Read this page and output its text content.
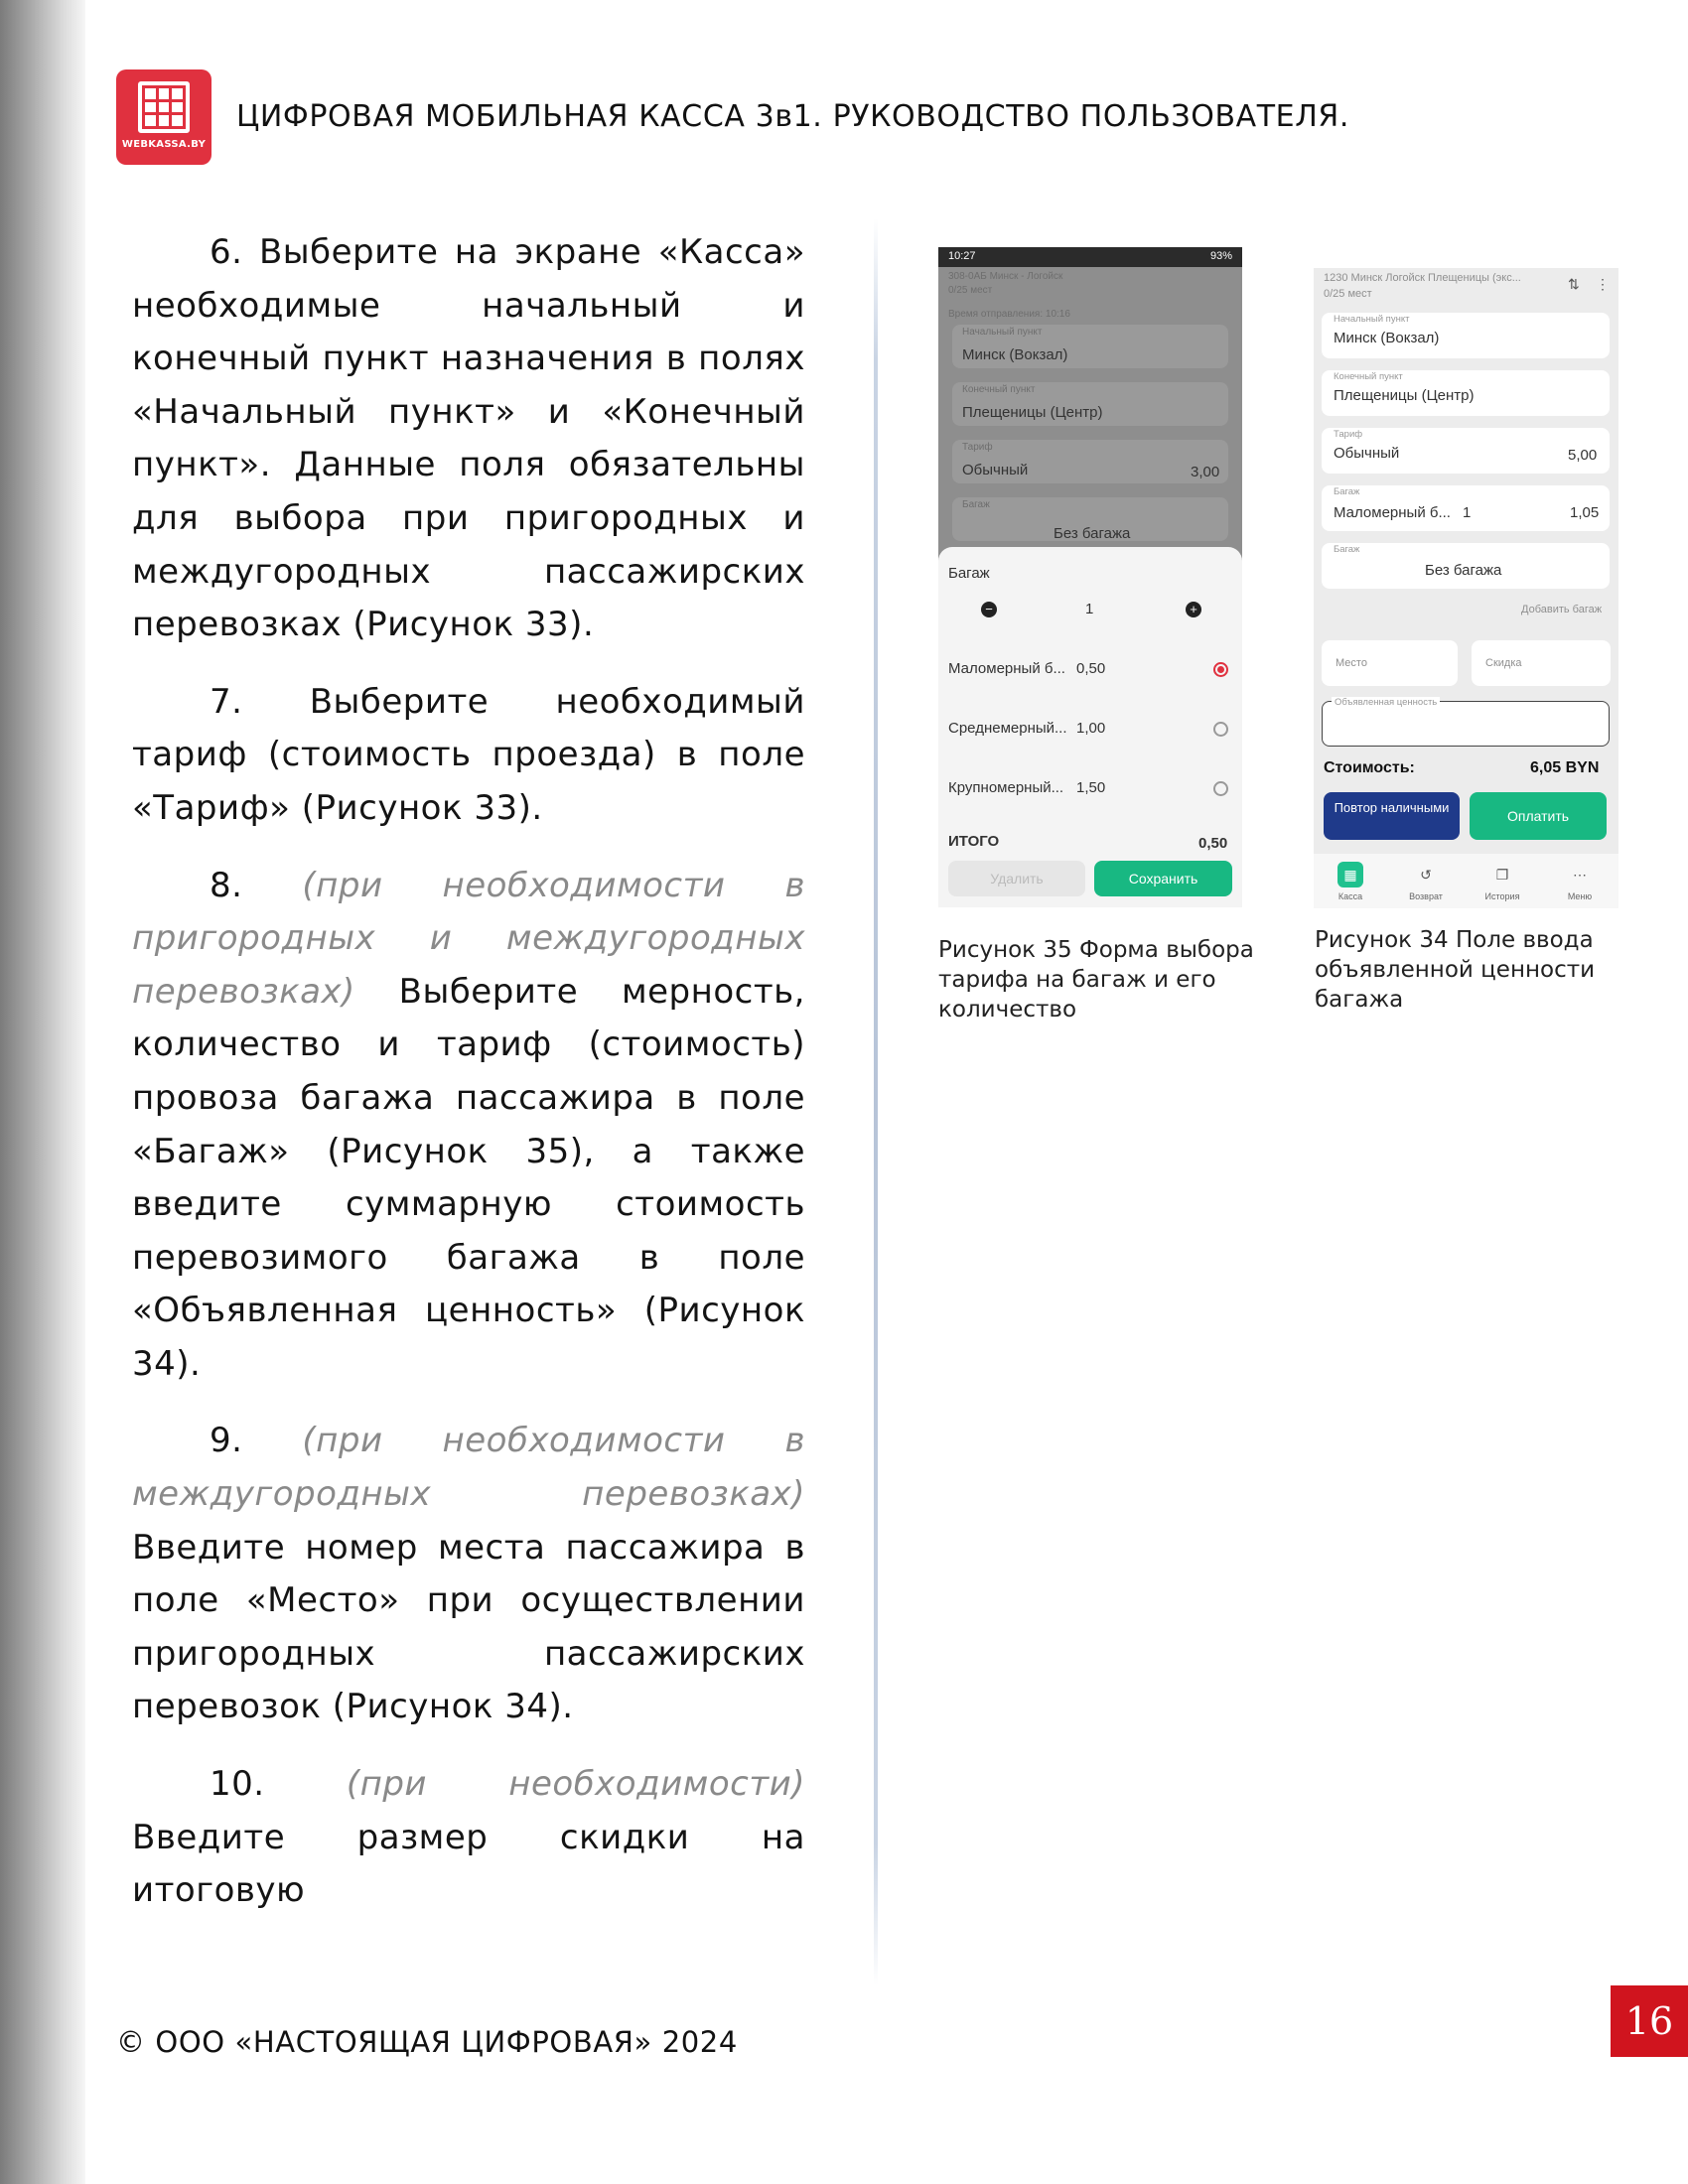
WEBKASSA.BY
ЦИФРОВАЯ МОБИЛЬНАЯ КАССА 3в1. РУКОВОДСТВО ПОЛЬЗОВАТЕЛЯ.

6. Выберите на экране «Касса» необходимые начальный и конечный пункт назначения в полях «Начальный пункт» и «Конечный пункт». Данные поля обязательны для выбора при пригородных и междугородных пассажирских перевозках (Рисунок 33).

7. Выберите необходимый тариф (стоимость проезда) в поле «Тариф» (Рисунок 33).

8. (при необходимости в пригородных и междугородных перевозках) Выберите мерность, количество и тариф (стоимость) провоза багажа пассажира в поле «Багаж» (Рисунок 35), а также введите суммарную стоимость перевозимого багажа в поле «Объявленная ценность» (Рисунок 34).

9. (при необходимости в междугородных перевозках) Введите номер места пассажира в поле «Место» при осуществлении пригородных пассажирских перевозок (Рисунок 34).

10. (при необходимости) Введите размер скидки на итоговую

10:27	93%
308-0АБ Минск - Логойск
0/25 мест
Время отправления: 10:16
Начальный пункт
Минск (Вокзал)
Конечный пункт
Плещеницы (Центр)
Тариф
Обычный	3,00
Багаж
Без багажа
Багаж
−	1	+
Маломерный б... 0,50
Среднемерный... 1,00
Крупномерный... 1,50
ИТОГО	0,50
Удалить	Сохранить
Рисунок 35 Форма выбора тарифа на багаж и его количество
1230 Минск Логойск Плещеницы (экс...
0/25 мест
⇅ ⋮
Начальный пункт
Минск (Вокзал)
Конечный пункт
Плещеницы (Центр)
Тариф
Обычный	5,00
Багаж
Маломерный б... 1	1,05
Багаж
Без багажа
Добавить багаж
Место	Скидка
Объявленная ценность
Стоимость:	6,05 BYN
Повтор наличными
Оплатить
▦
Касса
↺
Возврат
❐
История
⋯
Меню
Рисунок 34 Поле ввода объявленной ценности багажа
© ООО «НАСТОЯЩАЯ ЦИФРОВАЯ» 2024	16
